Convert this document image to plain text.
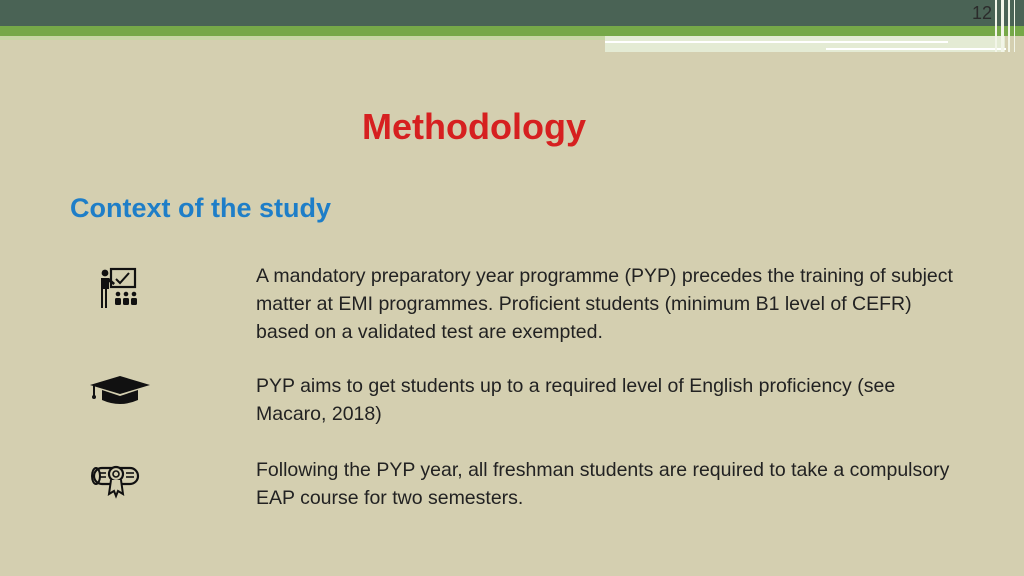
12
Methodology
Context of the study
A mandatory preparatory year programme (PYP) precedes the training of subject matter at EMI programmes. Proficient students (minimum B1 level of CEFR) based on a validated test are exempted.
PYP aims to get students up to a required level of English proficiency (see Macaro, 2018)
Following the PYP year, all freshman students are required to take a compulsory EAP course for two semesters.
